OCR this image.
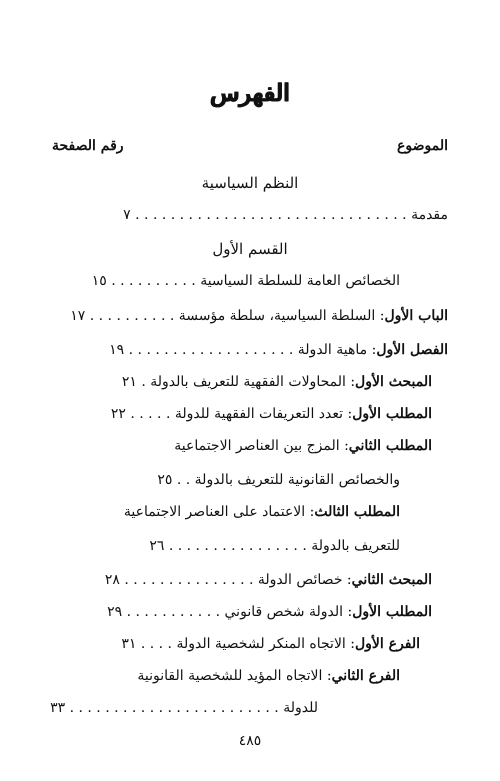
الفهرس
الموضوع
رقم الصفحة
النظم السياسية
مقدمة . . . . . . . . . . . . . . . . . . . . . . . . . . . . . . . ٧
القسم الأول
الخصائص العامة للسلطة السياسية . . . . . . . . . . ١٥
الباب الأول: السلطة السياسية، سلطة مؤسسة . . . . . . . . . . ١٧
الفصل الأول: ماهية الدولة . . . . . . . . . . . . . . . . . . . ١٩
المبحث الأول: المحاولات الفقهية للتعريف بالدولة . ٢١
المطلب الأول: تعدد التعريفات الفقهية للدولة . . . . . ٢٢
المطلب الثاني: المزج بين العناصر الاجتماعية
والخصائص القانونية للتعريف بالدولة . . ٢٥
المطلب الثالث: الاعتماد على العناصر الاجتماعية
للتعريف بالدولة . . . . . . . . . . . . . . . . ٢٦
المبحث الثاني: خصائص الدولة . . . . . . . . . . . . . . . ٢٨
المطلب الأول: الدولة شخص قانوني . . . . . . . . . . . ٢٩
الفرع الأول: الاتجاه المنكر لشخصية الدولة . . . . ٣١
الفرع الثاني: الاتجاه المؤيد للشخصية القانونية
للدولة . . . . . . . . . . . . . . . . . . . . . . . . ٣٣
٤٨٥
